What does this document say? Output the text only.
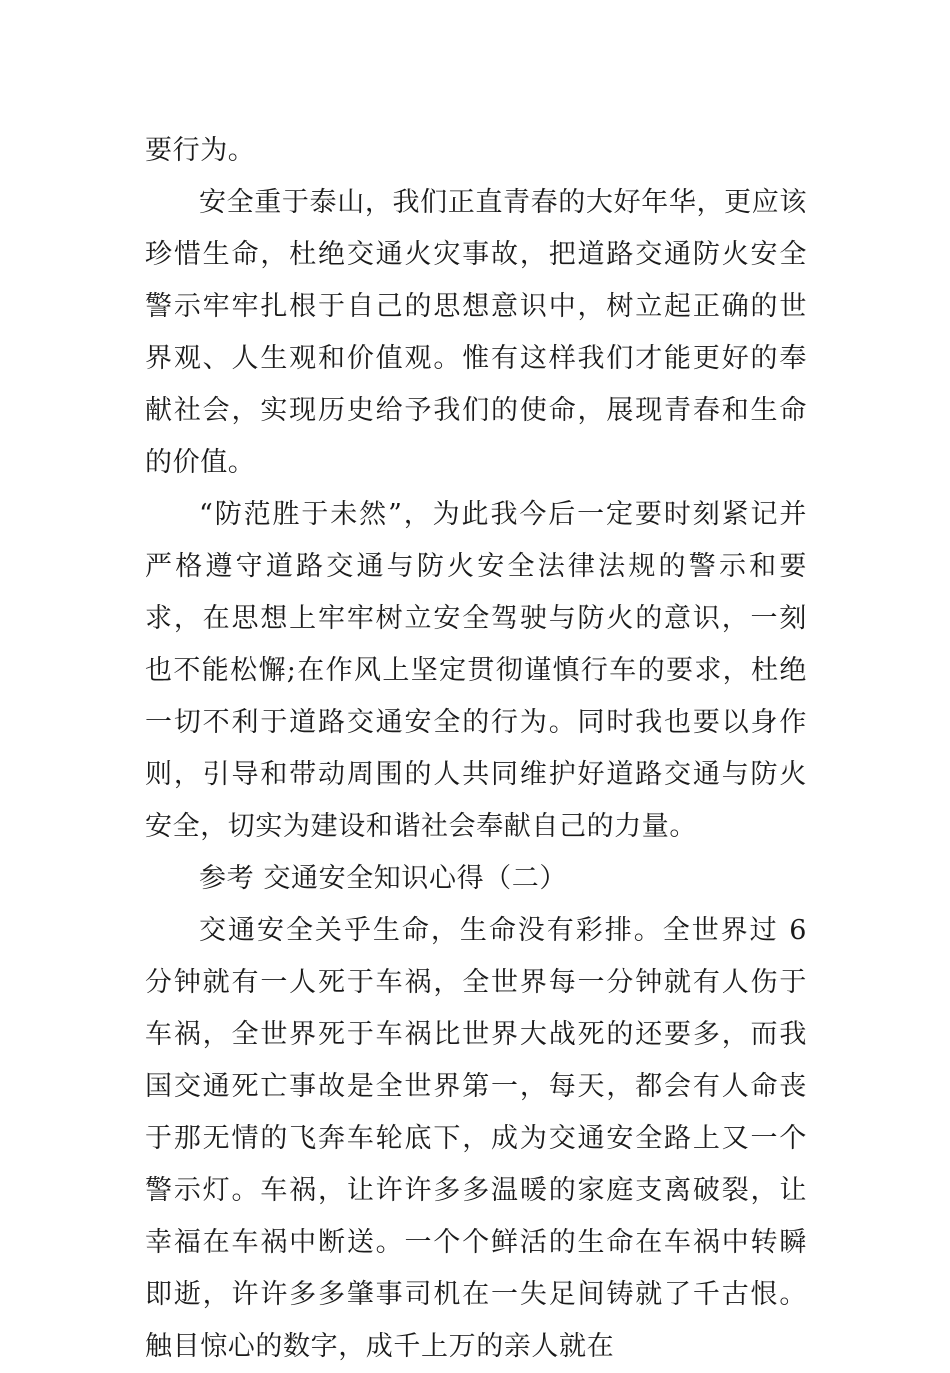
要行为。

安全重于泰山，我们正直青春的大好年华，更应该珍惜生命，杜绝交通火灾事故，把道路交通防火安全警示牢牢扎根于自己的思想意识中，树立起正确的世界观、人生观和价值观。惟有这样我们才能更好的奉献社会，实现历史给予我们的使命，展现青春和生命的价值。

“防范胜于未然”，为此我今后一定要时刻紧记并严格遵守道路交通与防火安全法律法规的警示和要求，在思想上牢牢树立安全驾驶与防火的意识，一刻也不能松懈;在作风上坚定贯彻谨慎行车的要求，杜绝一切不利于道路交通安全的行为。同时我也要以身作则，引导和带动周围的人共同维护好道路交通与防火安全，切实为建设和谐社会奉献自己的力量。

参考 交通安全知识心得（二）

交通安全关乎生命，生命没有彩排。全世界过 6 分钟就有一人死于车祸，全世界每一分钟就有人伤于车祸，全世界死于车祸比世界大战死的还要多，而我国交通死亡事故是全世界第一，每天，都会有人命丧于那无情的飞奔车轮底下，成为交通安全路上又一个警示灯。车祸，让许许多多温暖的家庭支离破裂，让幸福在车祸中断送。一个个鲜活的生命在车祸中转瞬即逝，许许多多肇事司机在一失足间铸就了千古恨。触目惊心的数字，成千上万的亲人就在
